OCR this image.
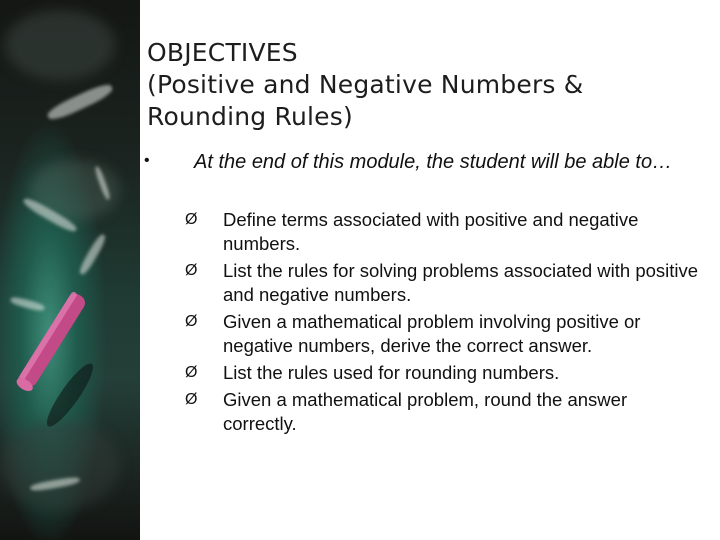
OBJECTIVES
(Positive and Negative Numbers &
Rounding Rules)
• At the end of this module, the student will be able to…
Ø Define terms associated with positive and negative numbers.
Ø List the rules for solving problems associated with positive and negative numbers.
Ø Given a mathematical problem involving positive or negative numbers, derive the correct answer.
Ø List the rules used for rounding numbers.
Ø Given a mathematical problem, round the answer correctly.
